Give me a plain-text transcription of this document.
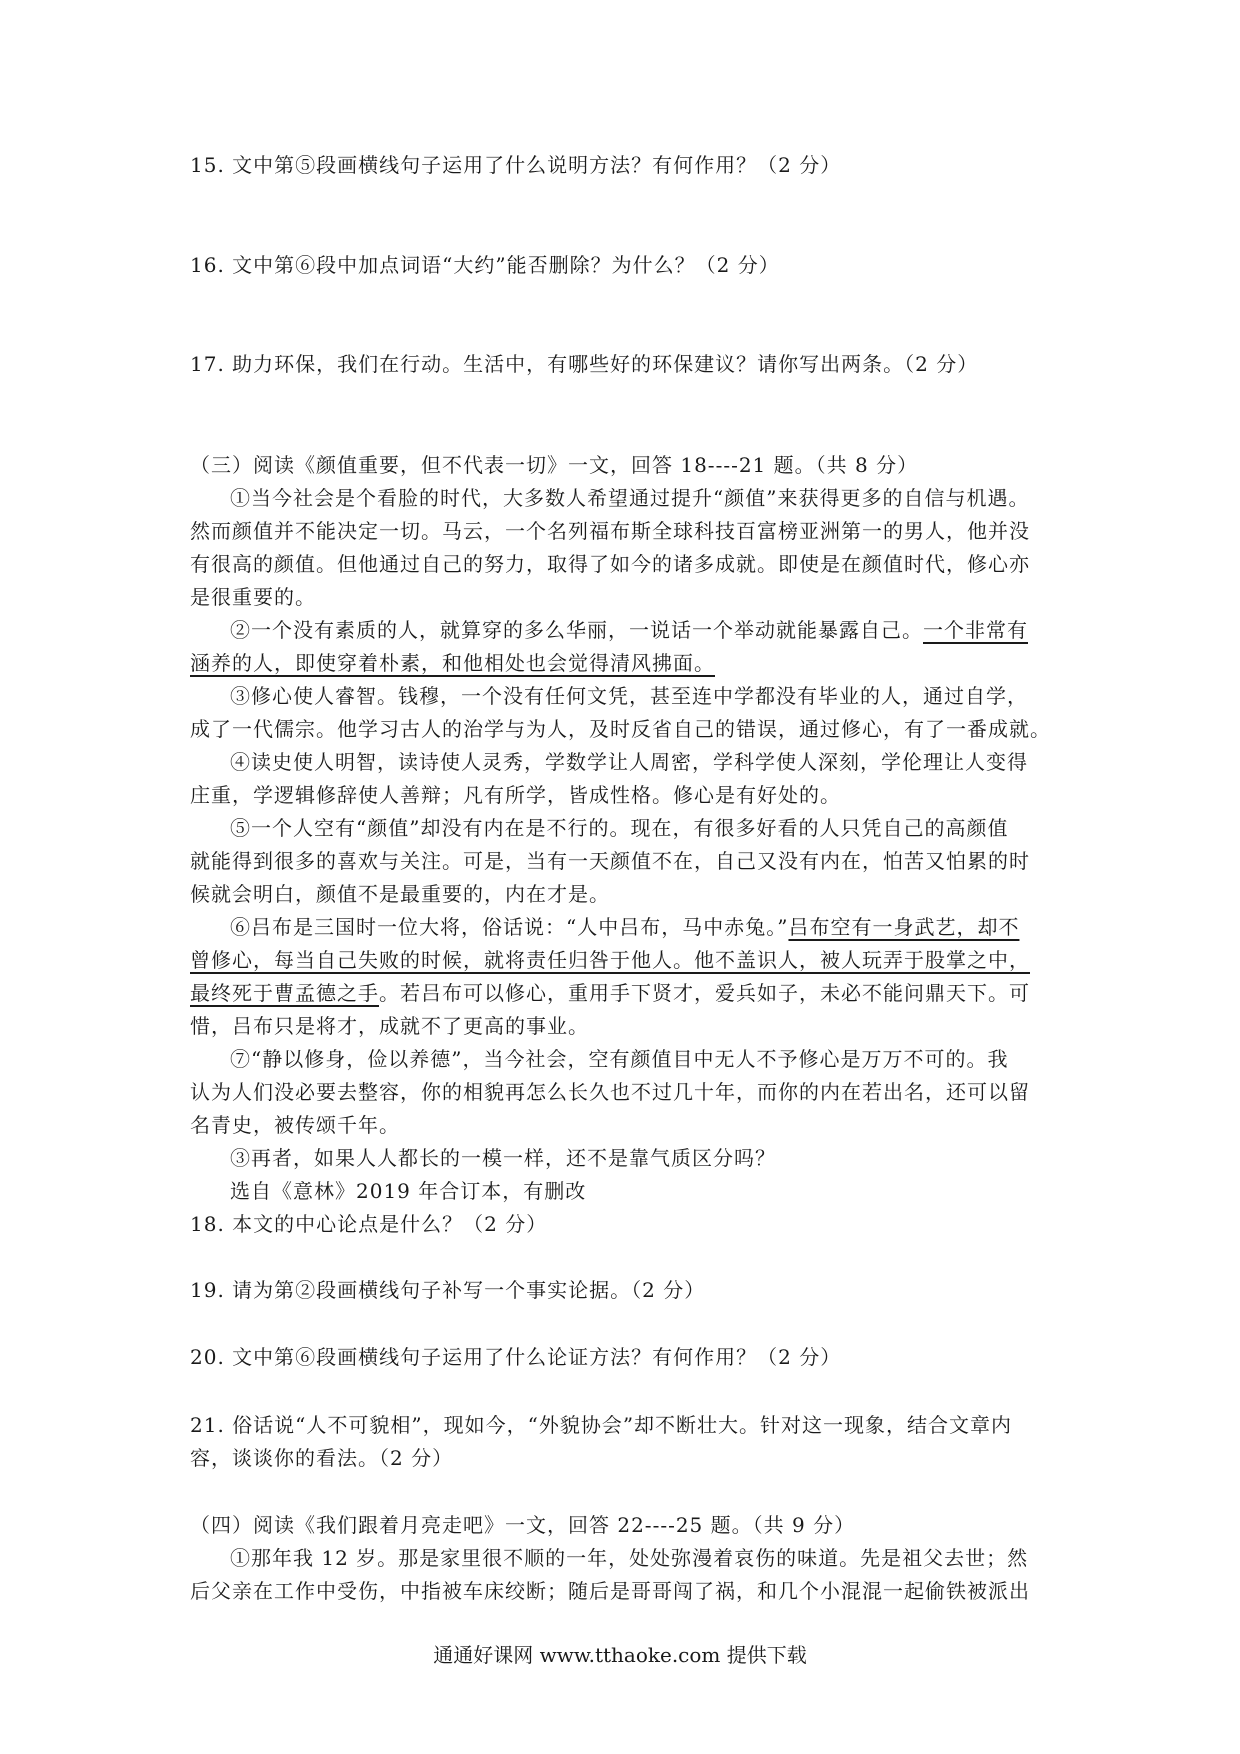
15. 文中第⑤段画横线句子运用了什么说明方法？有何作用？（2 分）
16. 文中第⑥段中加点词语“大约”能否删除？为什么？（2 分）
17. 助力环保，我们在行动。生活中，有哪些好的环保建议？请你写出两条。（2 分）
（三）阅读《颜值重要，但不代表一切》一文，回答 18----21 题。（共 8 分）
①当今社会是个看脸的时代，大多数人希望通过提升“颜值”来获得更多的自信与机遇。
然而颜值并不能决定一切。马云，一个名列福布斯全球科技百富榜亚洲第一的男人，他并没
有很高的颜值。但他通过自己的努力，取得了如今的诸多成就。即使是在颜值时代，修心亦
是很重要的。
②一个没有素质的人，就算穿的多么华丽，一说话一个举动就能暴露自己。一个非常有
涵养的人，即使穿着朴素，和他相处也会觉得清风拂面。
③修心使人睿智。钱穆，一个没有任何文凭，甚至连中学都没有毕业的人，通过自学，
成了一代儒宗。他学习古人的治学与为人，及时反省自己的错误，通过修心，有了一番成就。
④读史使人明智，读诗使人灵秀，学数学让人周密，学科学使人深刻，学伦理让人变得
庄重，学逻辑修辞使人善辩；凡有所学，皆成性格。修心是有好处的。
⑤一个人空有“颜值”却没有内在是不行的。现在，有很多好看的人只凭自己的高颜值
就能得到很多的喜欢与关注。可是，当有一天颜值不在，自己又没有内在，怕苦又怕累的时
候就会明白，颜值不是最重要的，内在才是。
⑥吕布是三国时一位大将，俗话说：“人中吕布，马中赤兔。”吕布空有一身武艺，却不
曾修心，每当自己失败的时候，就将责任归咎于他人。他不盖识人，被人玩弄于股掌之中，
最终死于曹孟德之手。若吕布可以修心，重用手下贤才，爱兵如子，未必不能问鼎天下。可
惜，吕布只是将才，成就不了更高的事业。
⑦“静以修身，俭以养德”，当今社会，空有颜值目中无人不予修心是万万不可的。我
认为人们没必要去整容，你的相貌再怎么长久也不过几十年，而你的内在若出名，还可以留
名青史，被传颂千年。
③再者，如果人人都长的一模一样，还不是靠气质区分吗？
选自《意林》2019 年合订本，有删改
18. 本文的中心论点是什么？（2 分）
19. 请为第②段画横线句子补写一个事实论据。（2 分）
20. 文中第⑥段画横线句子运用了什么论证方法？有何作用？（2 分）
21. 俗话说“人不可貌相”，现如今，“外貌协会”却不断壮大。针对这一现象，结合文章内
容，谈谈你的看法。（2 分）
（四）阅读《我们跟着月亮走吧》一文，回答 22----25 题。（共 9 分）
①那年我 12 岁。那是家里很不顺的一年，处处弥漫着哀伤的味道。先是祖父去世；然
后父亲在工作中受伤，中指被车床绞断；随后是哥哥闯了祸，和几个小混混一起偷铁被派出
通通好课网 www.tthaoke.com 提供下载
